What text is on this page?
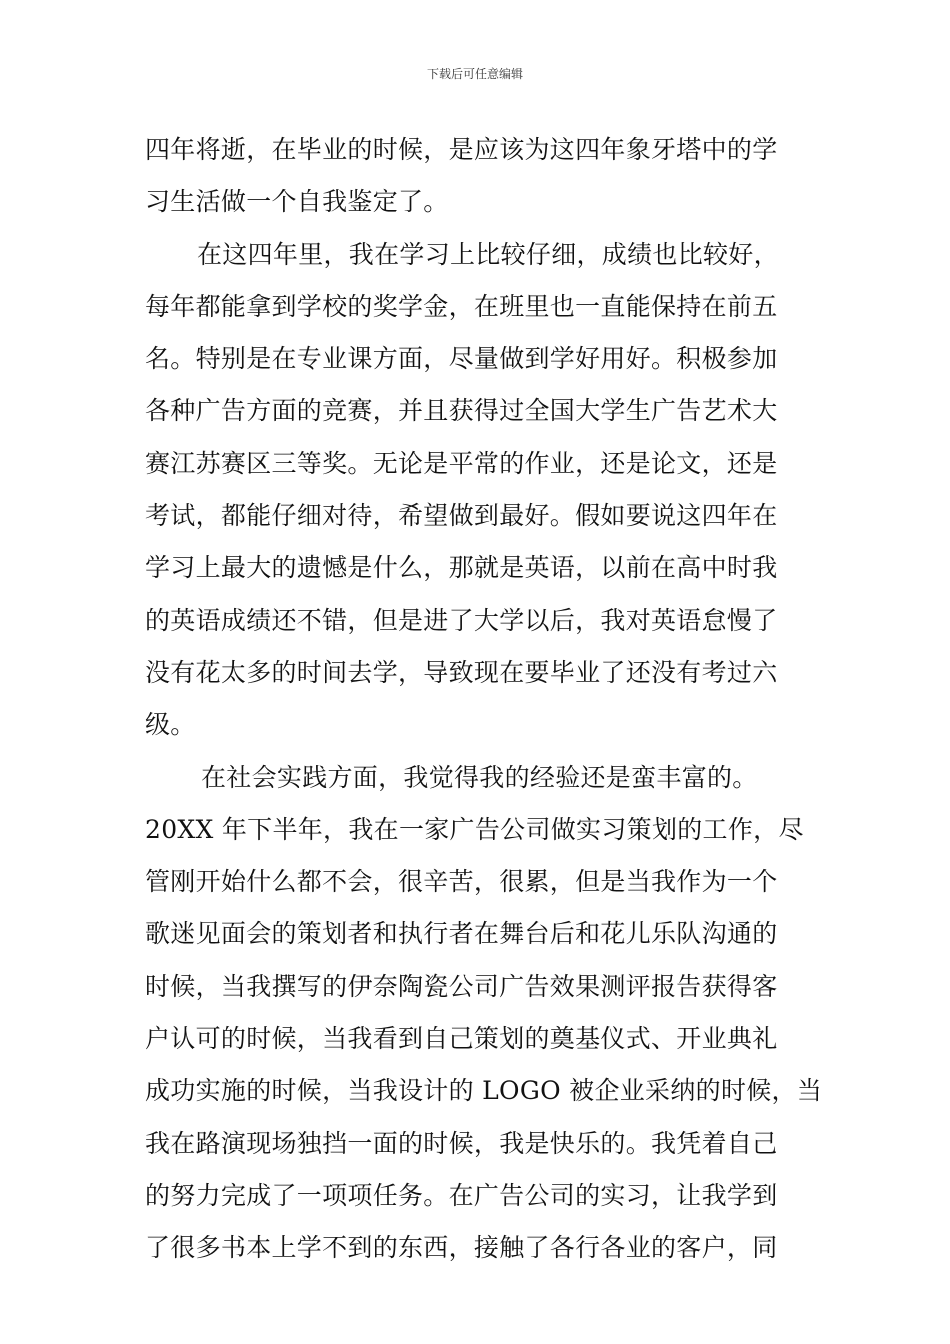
下载后可任意编辑
四年将逝，在毕业的时候，是应该为这四年象牙塔中的学
习生活做一个自我鉴定了。
在这四年里，我在学习上比较仔细，成绩也比较好，
每年都能拿到学校的奖学金，在班里也一直能保持在前五
名。特别是在专业课方面，尽量做到学好用好。积极参加
各种广告方面的竞赛，并且获得过全国大学生广告艺术大
赛江苏赛区三等奖。无论是平常的作业，还是论文，还是
考试，都能仔细对待，希望做到最好。假如要说这四年在
学习上最大的遗憾是什么，那就是英语，以前在高中时我
的英语成绩还不错，但是进了大学以后，我对英语怠慢了
没有花太多的时间去学，导致现在要毕业了还没有考过六
级。
在社会实践方面，我觉得我的经验还是蛮丰富的。
20XX 年下半年，我在一家广告公司做实习策划的工作，尽
管刚开始什么都不会，很辛苦，很累，但是当我作为一个
歌迷见面会的策划者和执行者在舞台后和花儿乐队沟通的
时候，当我撰写的伊奈陶瓷公司广告效果测评报告获得客
户认可的时候，当我看到自己策划的奠基仪式、开业典礼
成功实施的时候，当我设计的 LOGO 被企业采纳的时候，当
我在路演现场独挡一面的时候，我是快乐的。我凭着自己
的努力完成了一项项任务。在广告公司的实习，让我学到
了很多书本上学不到的东西，接触了各行各业的客户，同
